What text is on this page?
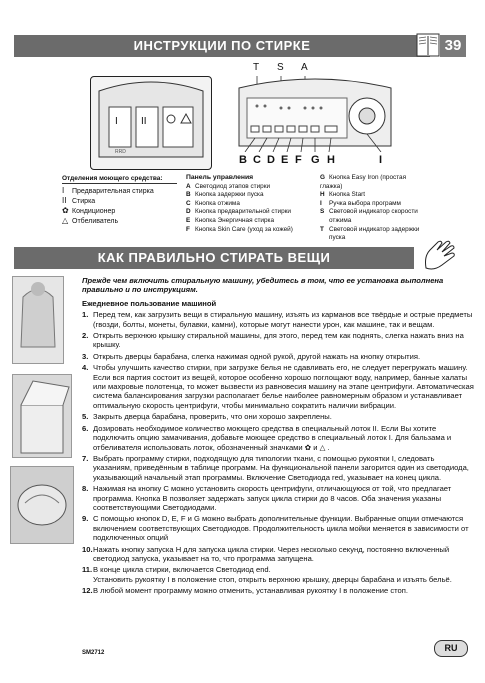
ИНСТРУКЦИИ ПО СТИРКЕ	39
I II
RRD
T S A
B C D E F G H	I
Отделения моющего средства:
I Предварительная стирка
II Стирка
✿ Кондиционер
△ Отбеливатель
Панель управления
A Светодиод этапов стирки
B Кнопка задержки пуска
C Кнопка отжима
D Кнопка предварительной стирки
E Кнопка Энергичная стирка
F Кнопка Skin Care (уход за кожей)
G Кнопка Easy Iron (простая глажка)
H Кнопка Start
I Ручка выбора программ
S Световой индикатор скорости отжима
T Световой индикатор задержки пуска
КАК ПРАВИЛЬНО СТИРАТЬ ВЕЩИ
Прежде чем включить стиральную машину, убедитесь в том, что ее установка выполнена правильно и по инструкциям.
Ежедневное пользование машиной
1. Перед тем, как загрузить вещи в стиральную машину, изъять из карманов все твёрдые и острые предметы (гвозди, болты, монеты, булавки, камни), которые могут нанести урон, как машине, так и вещам.
2. Открыть верхнюю крышку стиральной машины, для этого, перед тем как поднять, слегка нажать вниз на крышку.
3. Открыть дверцы барабана, слегка нажимая одной рукой, другой нажать на кнопку открытия.
4. Чтобы улучшить качество стирки, при загрузке белья не сдавливать его, не следует перегружать машину. Если вся партия состоит из вещей, которое особенно хорошо поглощают воду, например, банные халаты или махровые полотенца, то может вызвести из равновесия машину на этапе центрифуги. Автоматическая система балансирования загрузки располагает белье наиболее равномерным образом и устанавливает оптимальную скорость центрифуги, чтобы минимально сократить наличии вибрации.
5. Закрыть дверца барабана, проверить, что они хорошо закреплены.
6. Дозировать необходимое количество моющего средства в специальный лоток II. Если Вы хотите подключить опцию замачивания, добавьте моющее средство в специальный лоток I. Для бальзама и отбеливателя использовать лоток, обозначенный значками ✿ и △ .
7. Выбрать программу стирки, подходящую для типологии ткани, с помощью рукоятки I, следовать указаниям, приведённым в таблице программ. На функциональной панели загорится один из светодиода, указывающий начальный этап программы. Включение Светодиода red, указывает на конец цикла.
8. Нажимая на кнопку C можно установить скорость центрифуги, отличающуюся от той, что предлагает программа. Кнопка B позволяет задержать запуск цикла стирки до 8 часов. Оба значения указаны соответствующими Светодиодами.
9. С помощью кнопок D, E, F и G можно выбрать дополнительные функции. Выбранные опции отмечаются включением соответствующих Светодиодов. Продолжительность цикла мойки меняется в зависимости от подключенных опций
10. Нажать кнопку запуска H для запуска цикла стирки. Через несколько секунд, постоянно включенный светодиод запуска, указывает на то, что программа запущена.
11. В конце цикла стирки, включается Светодиод end.
Установить рукоятку I в положение стоп, открыть верхнюю крышку, дверцы барабана и изъять бельё.
12. В любой момент программу можно отменить, устанавливая рукоятку I в положение стоп.
SM2712	RU
